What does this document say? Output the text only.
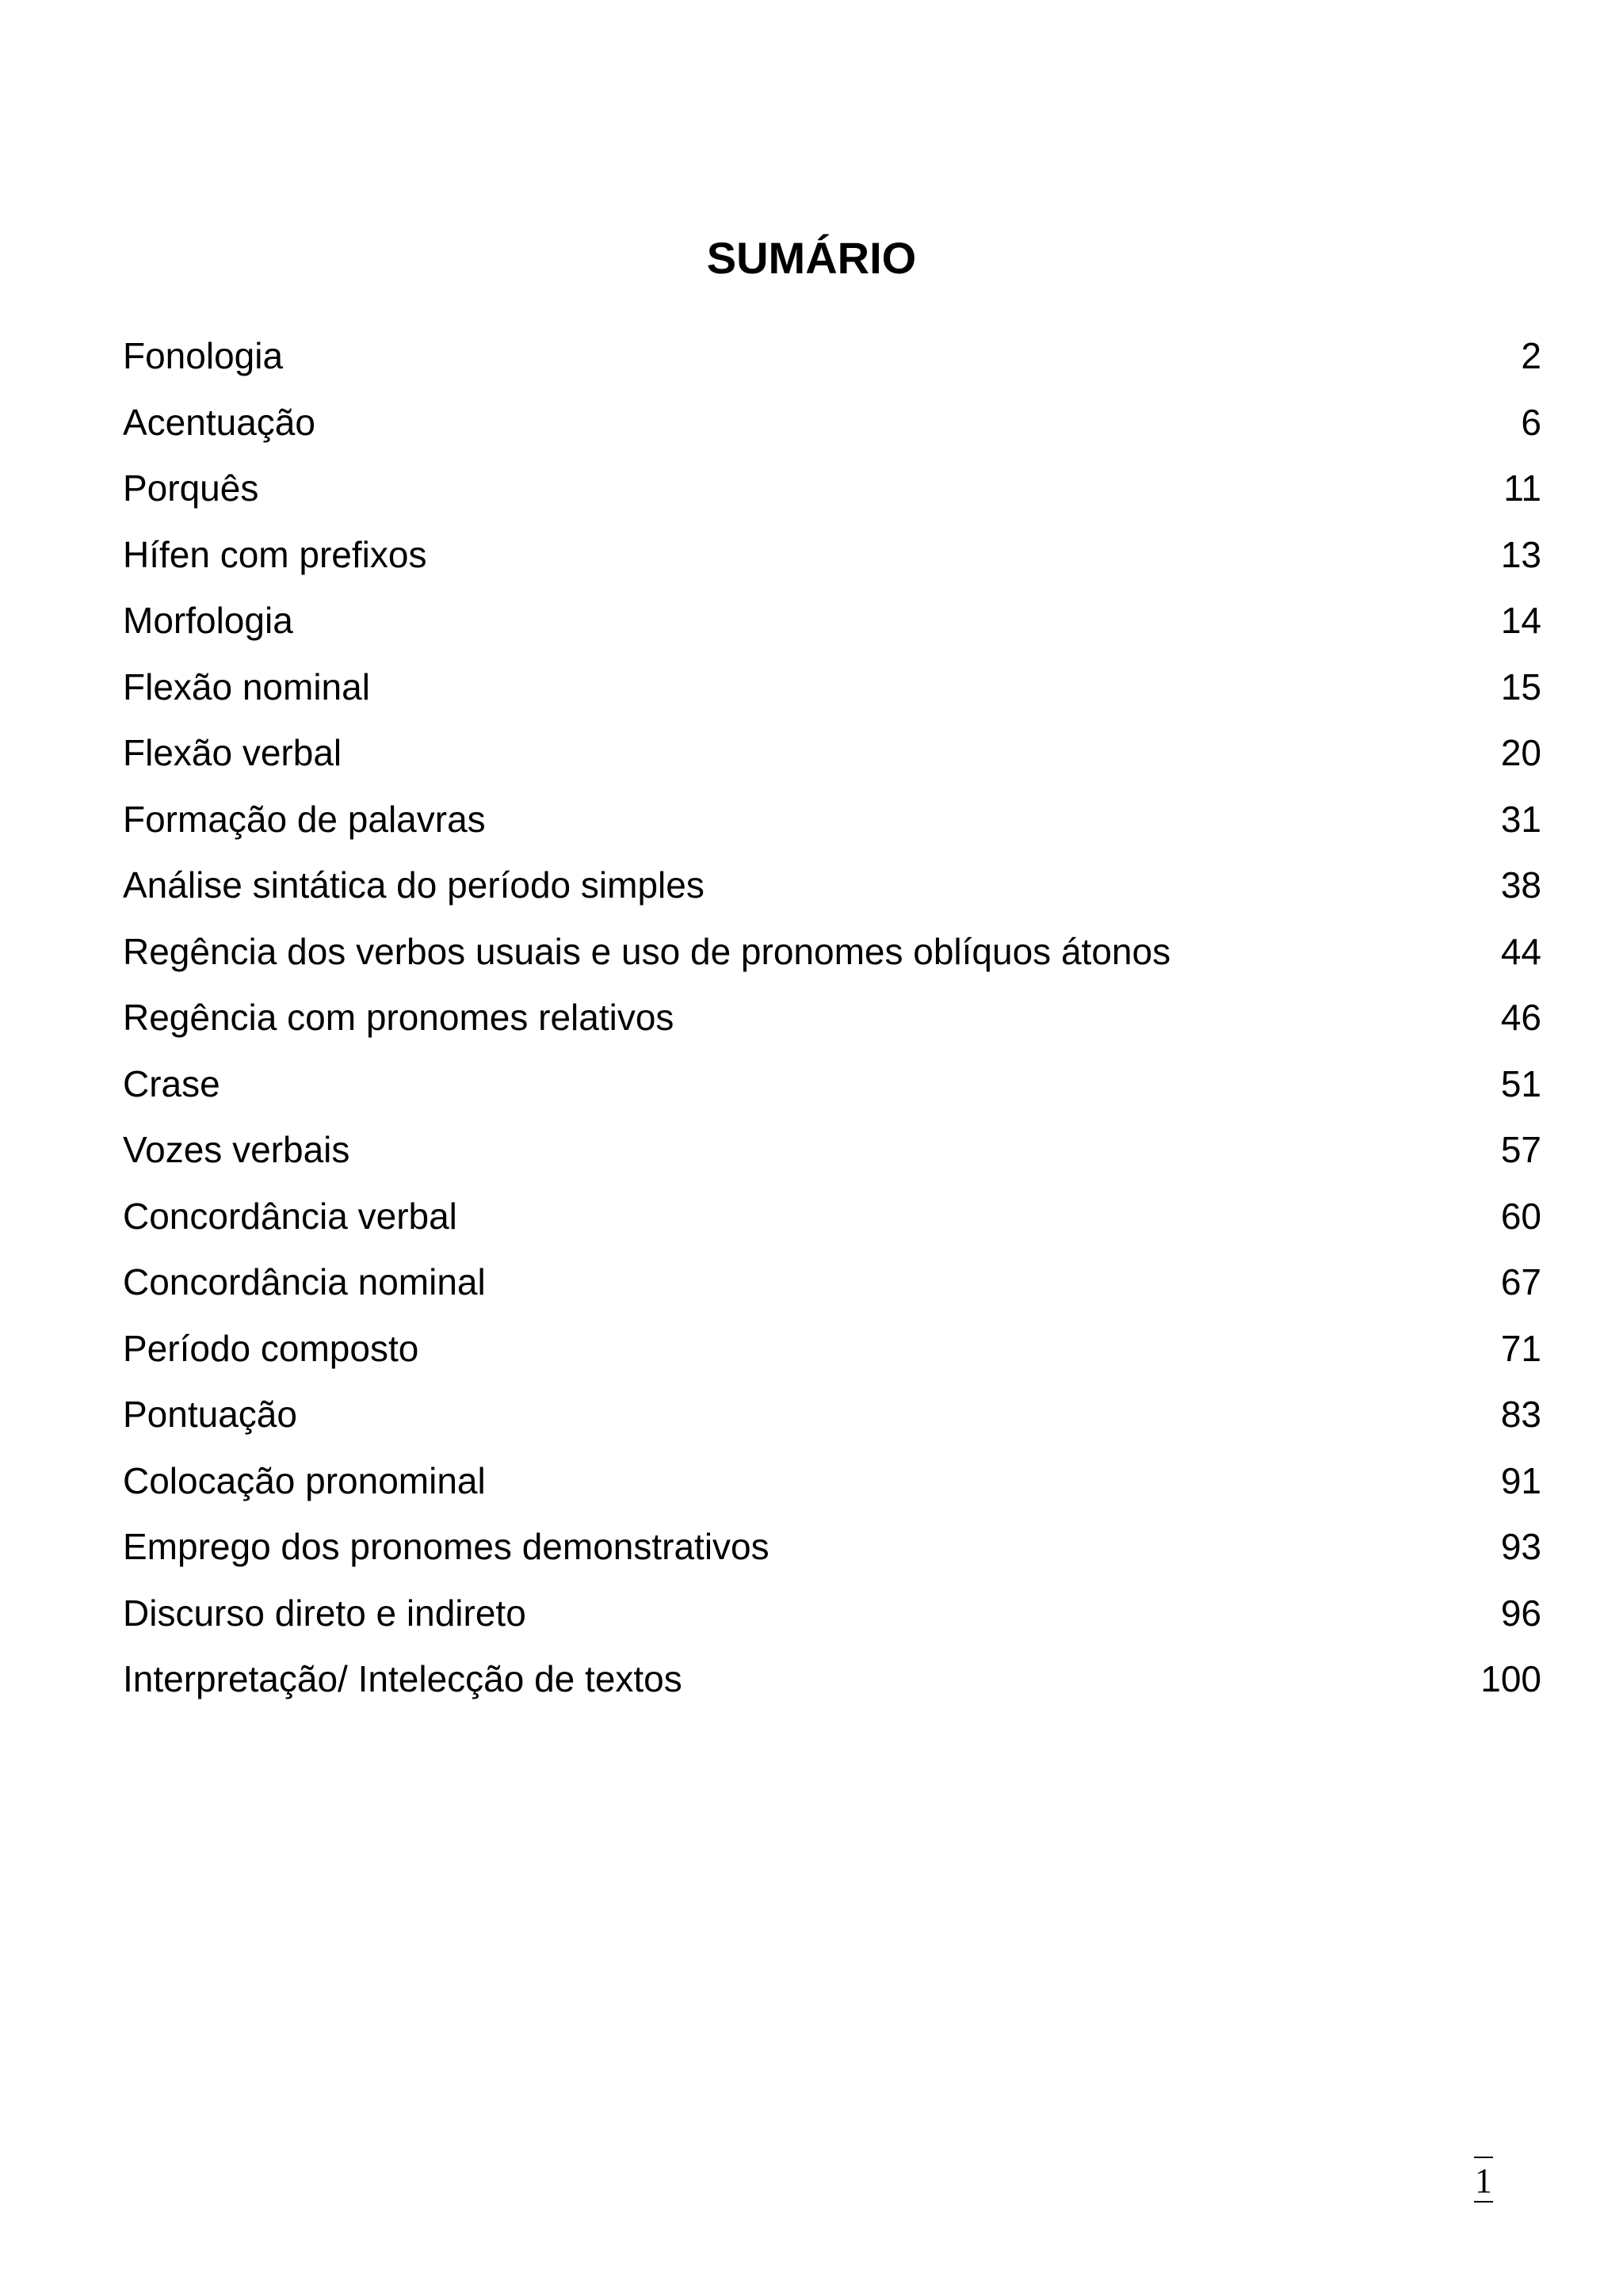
SUMÁRIO
Fonologia	2
Acentuação	6
Porquês	11
Hífen com prefixos	13
Morfologia	14
Flexão nominal	15
Flexão verbal	20
Formação de palavras	31
Análise sintática do período simples	38
Regência dos verbos usuais e uso de pronomes oblíquos átonos	44
Regência com pronomes relativos	46
Crase	51
Vozes verbais	57
Concordância verbal	60
Concordância nominal	67
Período composto	71
Pontuação	83
Colocação pronominal	91
Emprego dos pronomes demonstrativos	93
Discurso direto e indireto	96
Interpretação/ Intelecção de textos	100
1
